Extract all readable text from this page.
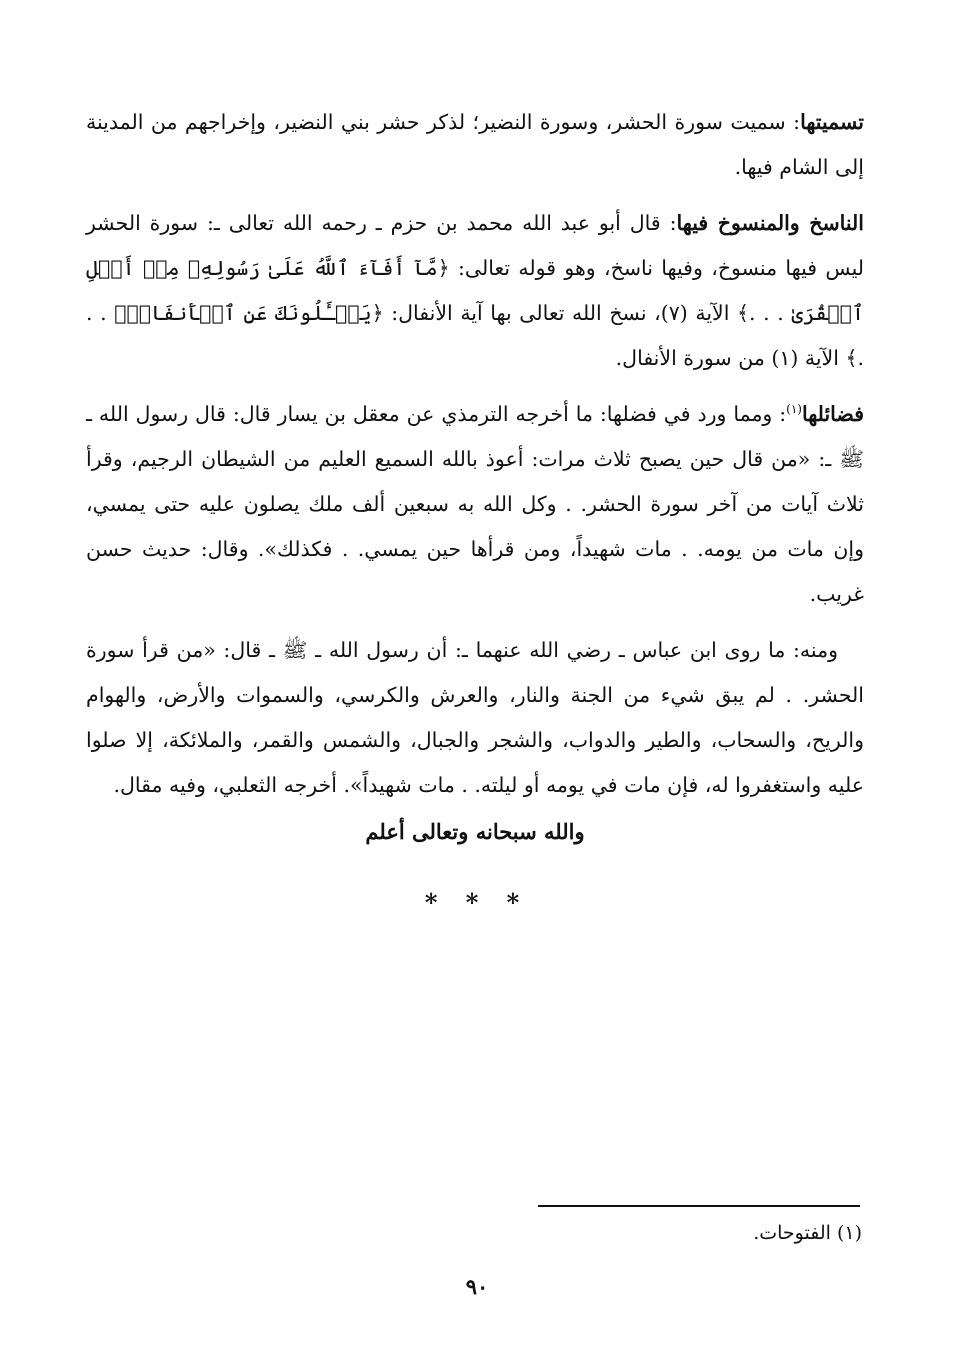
تسميتها: سميت سورة الحشر، وسورة النضير؛ لذكر حشر بني النضير، وإخراجهم من المدينة إلى الشام فيها.

الناسخ والمنسوخ فيها: قال أبو عبد الله محمد بن حزم ـ رحمه الله تعالى ـ: سورة الحشر ليس فيها منسوخ، وفيها ناسخ، وهو قوله تعالى: ﴿مَّآ أَفَآءَ ٱللَّهُ عَلَىٰ رَسُولِهِۦ مِنۡ أَهۡلِ ٱلۡقُرَىٰ . . .﴾ الآية (٧)، نسخ الله تعالى بها آية الأنفال: ﴿يَسۡـَٔلُونَكَ عَنِ ٱلۡأَنفَالِۖ . . .﴾ الآية (١) من سورة الأنفال.

فضائلها$^{(١)}$: ومما ورد في فضلها: ما أخرجه الترمذي عن معقل بن يسار قال: قال رسول الله ـ ﷺ ـ: «من قال حين يصبح ثلاث مرات: أعوذ بالله السميع العليم من الشيطان الرجيم، وقرأ ثلاث آيات من آخر سورة الحشر. . وكل الله به سبعين ألف ملك يصلون عليه حتى يمسي، وإن مات من يومه. . مات شهيداً، ومن قرأها حين يمسي. . فكذلك». وقال: حديث حسن غريب.

ومنه: ما روى ابن عباس ـ رضي الله عنهما ـ: أن رسول الله ـ ﷺ ـ قال: «من قرأ سورة الحشر. . لم يبق شيء من الجنة والنار، والعرش والكرسي، والسموات والأرض، والهوام والريح، والسحاب، والطير والدواب، والشجر والجبال، والشمس والقمر، والملائكة، إلا صلوا عليه واستغفروا له، فإن مات في يومه أو ليلته. . مات شهيداً». أخرجه الثعلبي، وفيه مقال.

والله سبحانه وتعالى أعلم
* * *
(١) الفتوحات.
٩٠
